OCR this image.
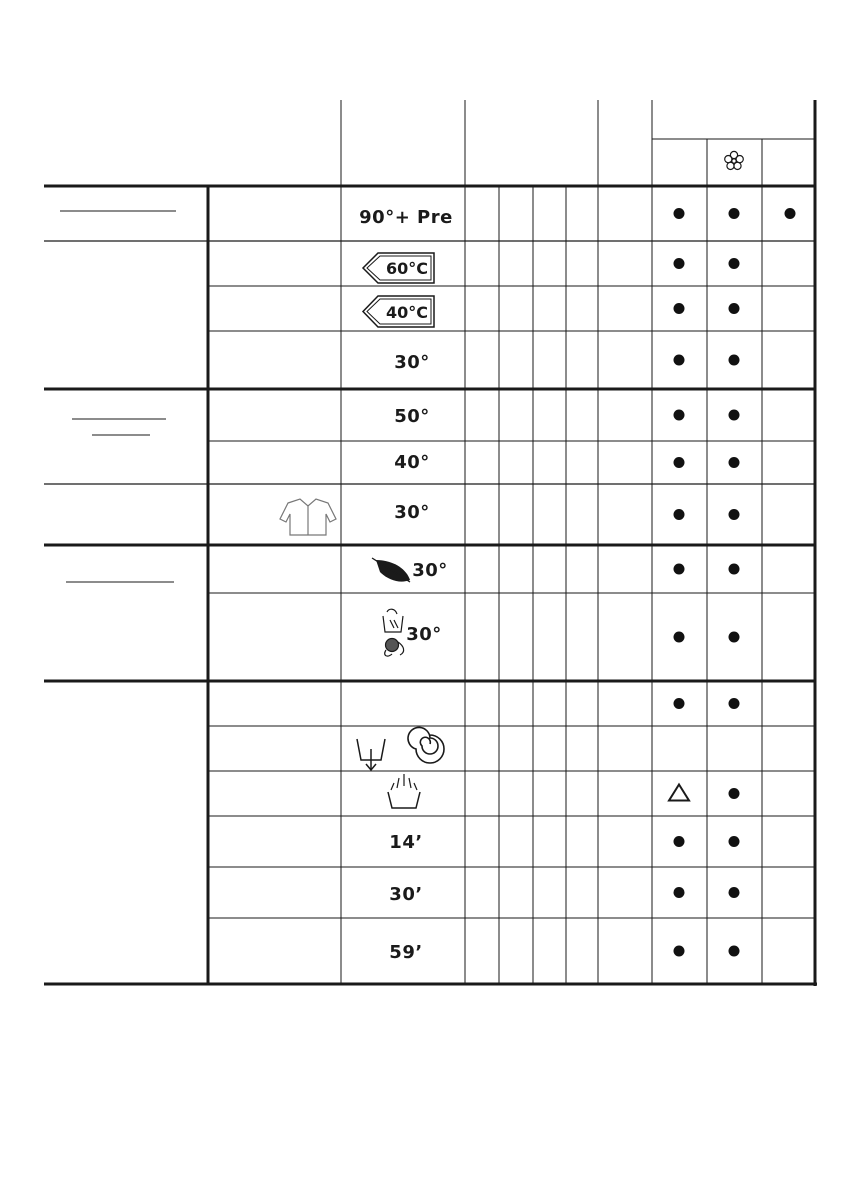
90°+ Pre
60°C
40°C
30°
50°
40°
30°
30°
30°
14’
30’
59’
